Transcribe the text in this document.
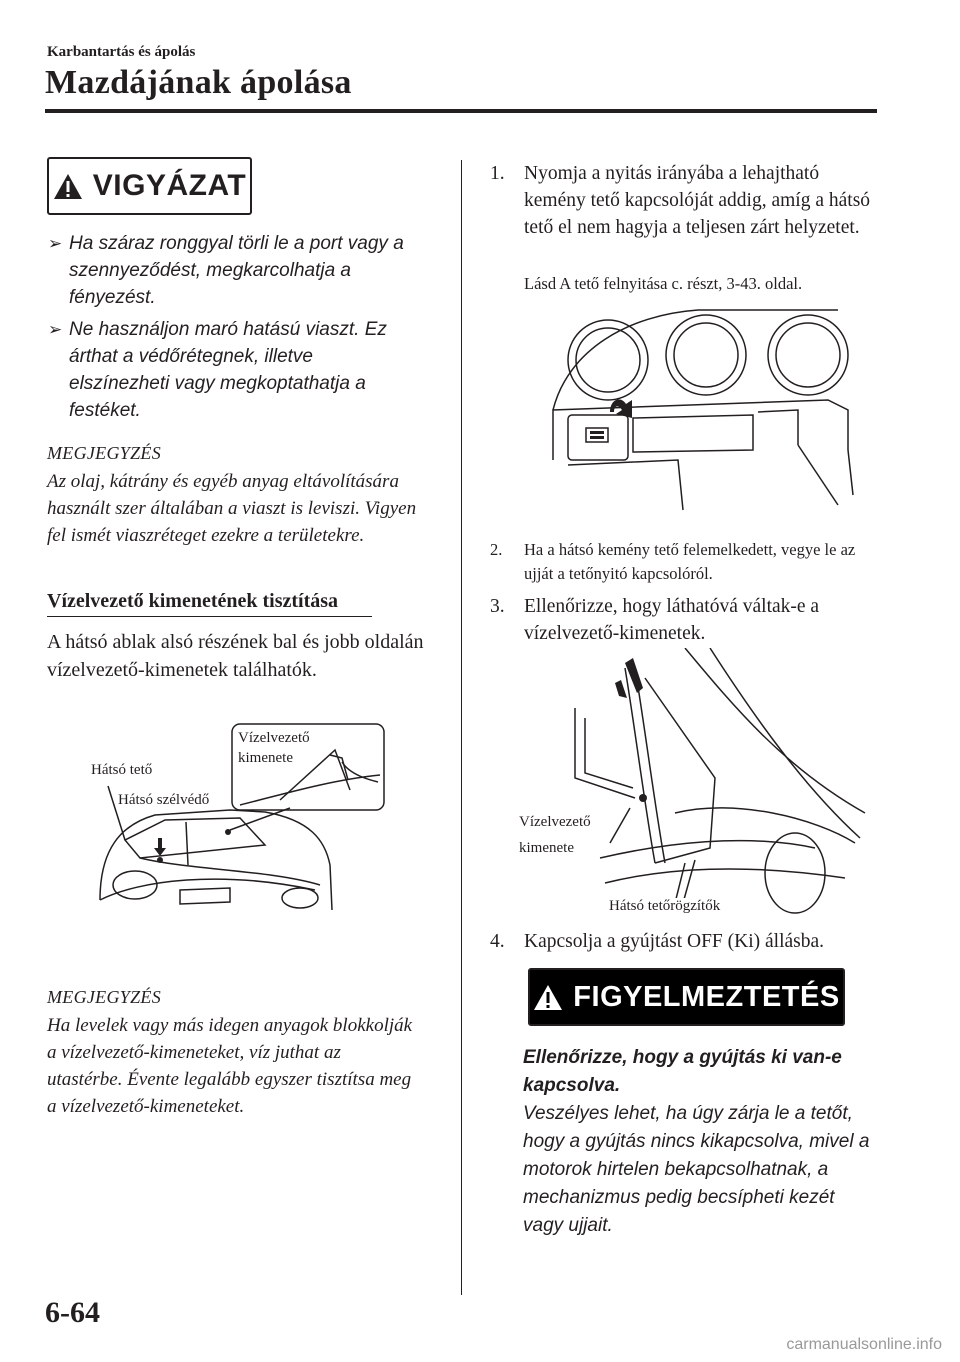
Karbantartás és ápolás
Mazdájának ápolása
VIGYÁZAT
➢ Ha száraz ronggyal törli le a port vagy a szennyeződést, megkarcolhatja a fényezést.
➢ Ne használjon maró hatású viaszt. Ez árthat a védőrétegnek, illetve elszínezheti vagy megkoptathatja a festéket.
MEGJEGYZÉS
Az olaj, kátrány és egyéb anyag eltávolítására használt szer általában a viaszt is leviszi. Vigyen fel ismét viaszréteget ezekre a területekre.
Vízelvezető kimenetének tisztítása
A hátsó ablak alsó részének bal és jobb oldalán vízelvezető-kimenetek találhatók.
Hátsó tető
Hátsó szélvédő
Vízelvezető
kimenete
MEGJEGYZÉS
Ha levelek vagy más idegen anyagok blokkolják a vízelvezető-kimeneteket, víz juthat az utastérbe. Évente legalább egyszer tisztítsa meg a vízelvezető-kimeneteket.
1. Nyomja a nyitás irányába a lehajtható kemény tető kapcsolóját addig, amíg a hátsó tető el nem hagyja a teljesen zárt helyzetet.
Lásd A tető felnyitása c. részt, 3-43. oldal.
2. Ha a hátsó kemény tető felemelkedett, vegye le az ujját a tetőnyitó kapcsolóról.
3. Ellenőrizze, hogy láthatóvá váltak-e a vízelvezető-kimenetek.
Vízelvezető
kimenete
Hátsó tetőrögzítők
4. Kapcsolja a gyújtást OFF (Ki) állásba.
FIGYELMEZTETÉS
Ellenőrizze, hogy a gyújtás ki van-e kapcsolva.
Veszélyes lehet, ha úgy zárja le a tetőt, hogy a gyújtás nincs kikapcsolva, mivel a motorok hirtelen bekapcsolhatnak, a mechanizmus pedig becsípheti kezét vagy ujjait.
6-64
carmanualsonline.info
